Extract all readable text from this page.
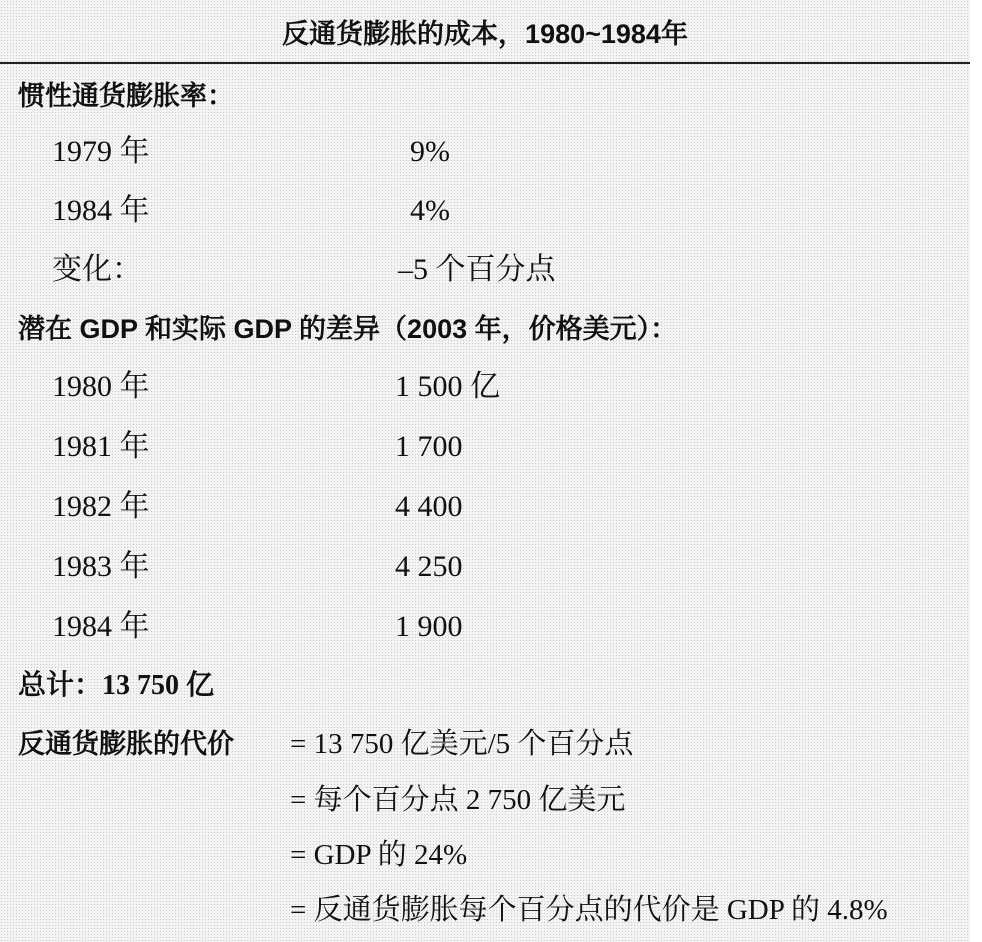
反通货膨胀的成本，1980~1984年
惯性通货膨胀率：
1979 年	9%
1984 年	4%
变化：	–5 个百分点
潜在 GDP 和实际 GDP 的差异（2003 年，价格美元）：
1980 年	1 500 亿
1981 年	1 700
1982 年	4 400
1983 年	4 250
1984 年	1 900
总计：13 750 亿
反通货膨胀的代价 = 13 750 亿美元/5 个百分点
= 每个百分点 2 750 亿美元
= GDP 的 24%
= 反通货膨胀每个百分点的代价是 GDP 的 4.8%
